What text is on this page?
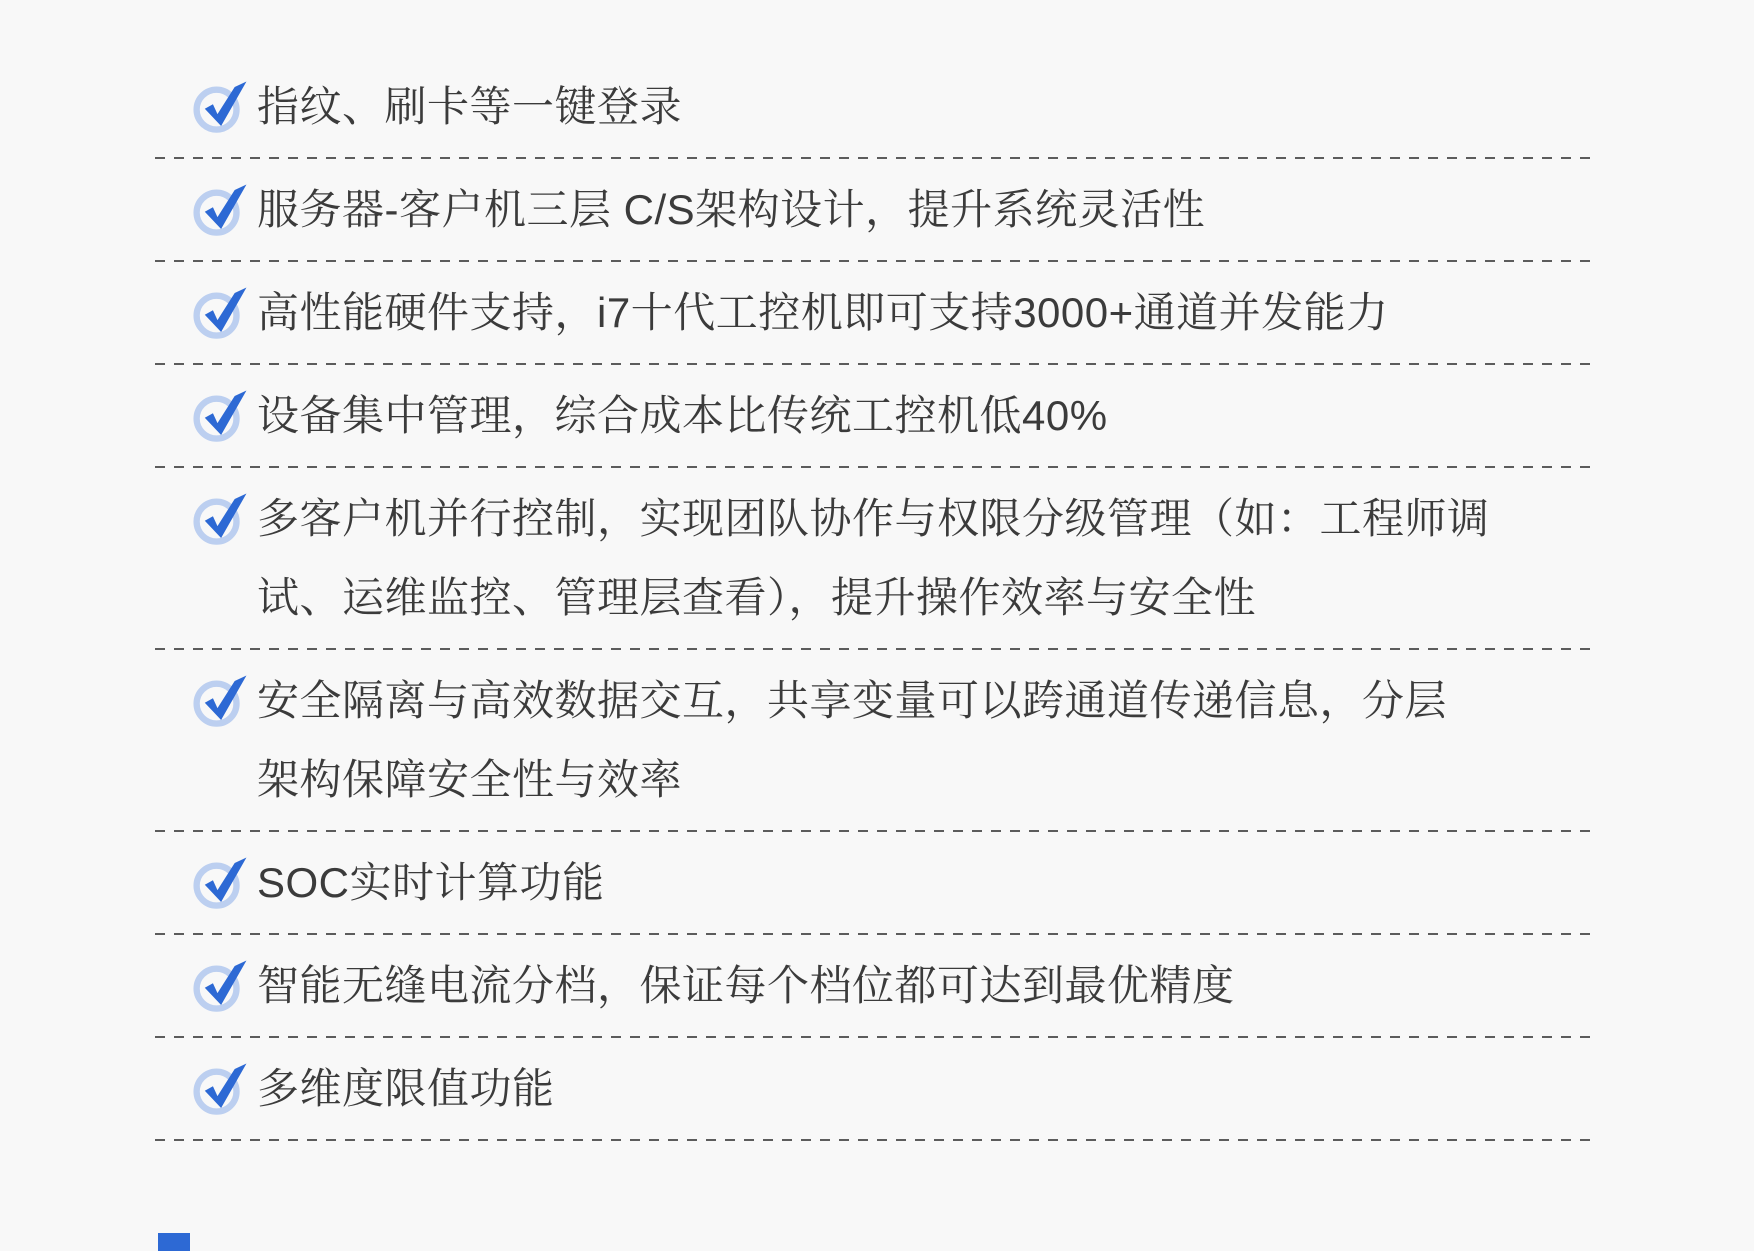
指纹、刷卡等一键登录
服务器-客户机三层 C/S架构设计，提升系统灵活性
高性能硬件支持，i7十代工控机即可支持3000+通道并发能力
设备集中管理，综合成本比传统工控机低40%
多客户机并行控制，实现团队协作与权限分级管理（如：工程师调
试、运维监控、管理层查看），提升操作效率与安全性
安全隔离与高效数据交互，共享变量可以跨通道传递信息，分层
架构保障安全性与效率
SOC实时计算功能
智能无缝电流分档，保证每个档位都可达到最优精度
多维度限值功能
